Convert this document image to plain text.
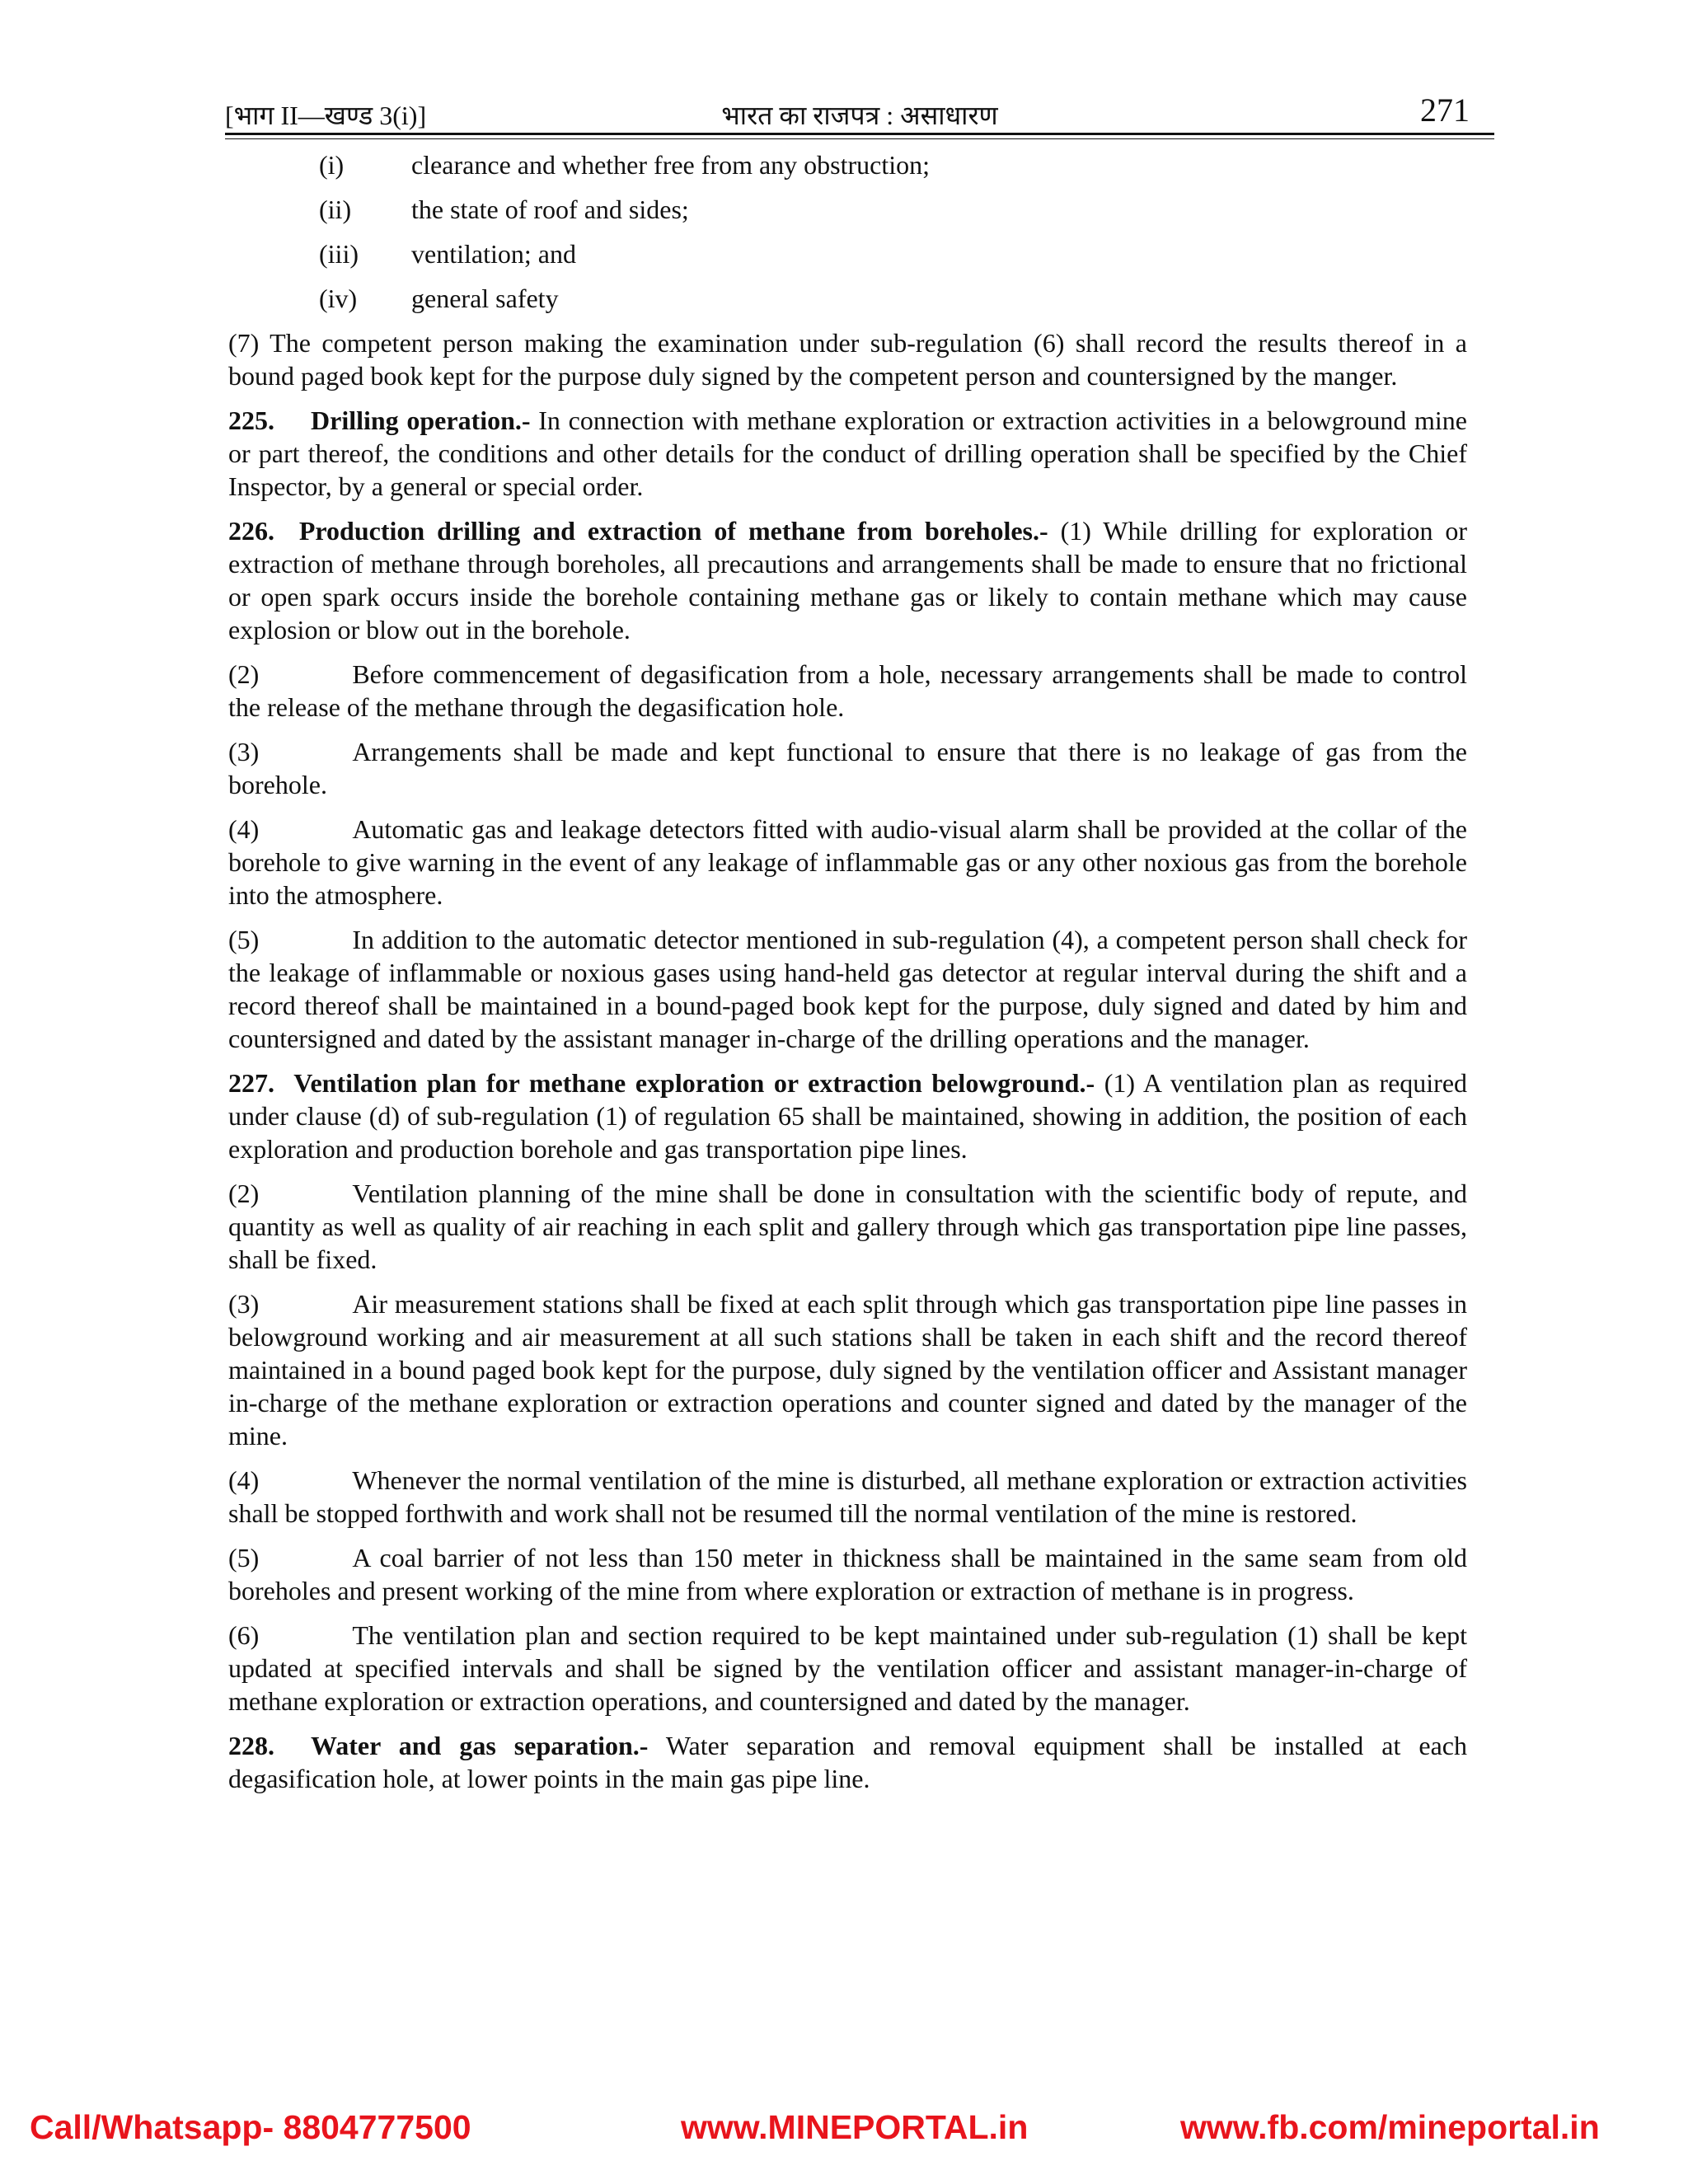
[भाग II—खण्ड 3(i)]	भारत का राजपत्र : असाधारण	271
(i)	clearance and whether free from any obstruction;
(ii) the state of roof and sides;
(iii) ventilation; and
(iv) general safety

(7) The competent person making the examination under sub-regulation (6) shall record the results thereof in a bound paged book kept for the purpose duly signed by the competent person and countersigned by the manger.

225. Drilling operation.- In connection with methane exploration or extraction activities in a belowground mine or part thereof, the conditions and other details for the conduct of drilling operation shall be specified by the Chief Inspector, by a general or special order.

226. Production drilling and extraction of methane from boreholes.- (1) While drilling for exploration or extraction of methane through boreholes, all precautions and arrangements shall be made to ensure that no frictional or open spark occurs inside the borehole containing methane gas or likely to contain methane which may cause explosion or blow out in the borehole.

(2)	Before commencement of degasification from a hole, necessary arrangements shall be made to control the release of the methane through the degasification hole.

(3)	Arrangements shall be made and kept functional to ensure that there is no leakage of gas from the borehole.

(4)	Automatic gas and leakage detectors fitted with audio-visual alarm shall be provided at the collar of the borehole to give warning in the event of any leakage of inflammable gas or any other noxious gas from the borehole into the atmosphere.

(5)	In addition to the automatic detector mentioned in sub-regulation (4), a competent person shall check for the leakage of inflammable or noxious gases using hand-held gas detector at regular interval during the shift and a record thereof shall be maintained in a bound-paged book kept for the purpose, duly signed and dated by him and countersigned and dated by the assistant manager in-charge of the drilling operations and the manager.

227. Ventilation plan for methane exploration or extraction belowground.- (1) A ventilation plan as required under clause (d) of sub-regulation (1) of regulation 65 shall be maintained, showing in addition, the position of each exploration and production borehole and gas transportation pipe lines.

(2)	Ventilation planning of the mine shall be done in consultation with the scientific body of repute, and quantity as well as quality of air reaching in each split and gallery through which gas transportation pipe line passes, shall be fixed.

(3)	Air measurement stations shall be fixed at each split through which gas transportation pipe line passes in belowground working and air measurement at all such stations shall be taken in each shift and the record thereof maintained in a bound paged book kept for the purpose, duly signed by the ventilation officer and Assistant manager in-charge of the methane exploration or extraction operations and counter signed and dated by the manager of the mine.

(4)	Whenever the normal ventilation of the mine is disturbed, all methane exploration or extraction activities shall be stopped forthwith and work shall not be resumed till the normal ventilation of the mine is restored.

(5)	A coal barrier of not less than 150 meter in thickness shall be maintained in the same seam from old boreholes and present working of the mine from where exploration or extraction of methane is in progress.

(6)	The ventilation plan and section required to be kept maintained under sub-regulation (1) shall be kept updated at specified intervals and shall be signed by the ventilation officer and assistant manager-in-charge of methane exploration or extraction operations, and countersigned and dated by the manager.

228. Water and gas separation.- Water separation and removal equipment shall be installed at each degasification hole, at lower points in the main gas pipe line.

Call/Whatsapp- 8804777500	www.MINEPORTAL.in	www.fb.com/mineportal.in
